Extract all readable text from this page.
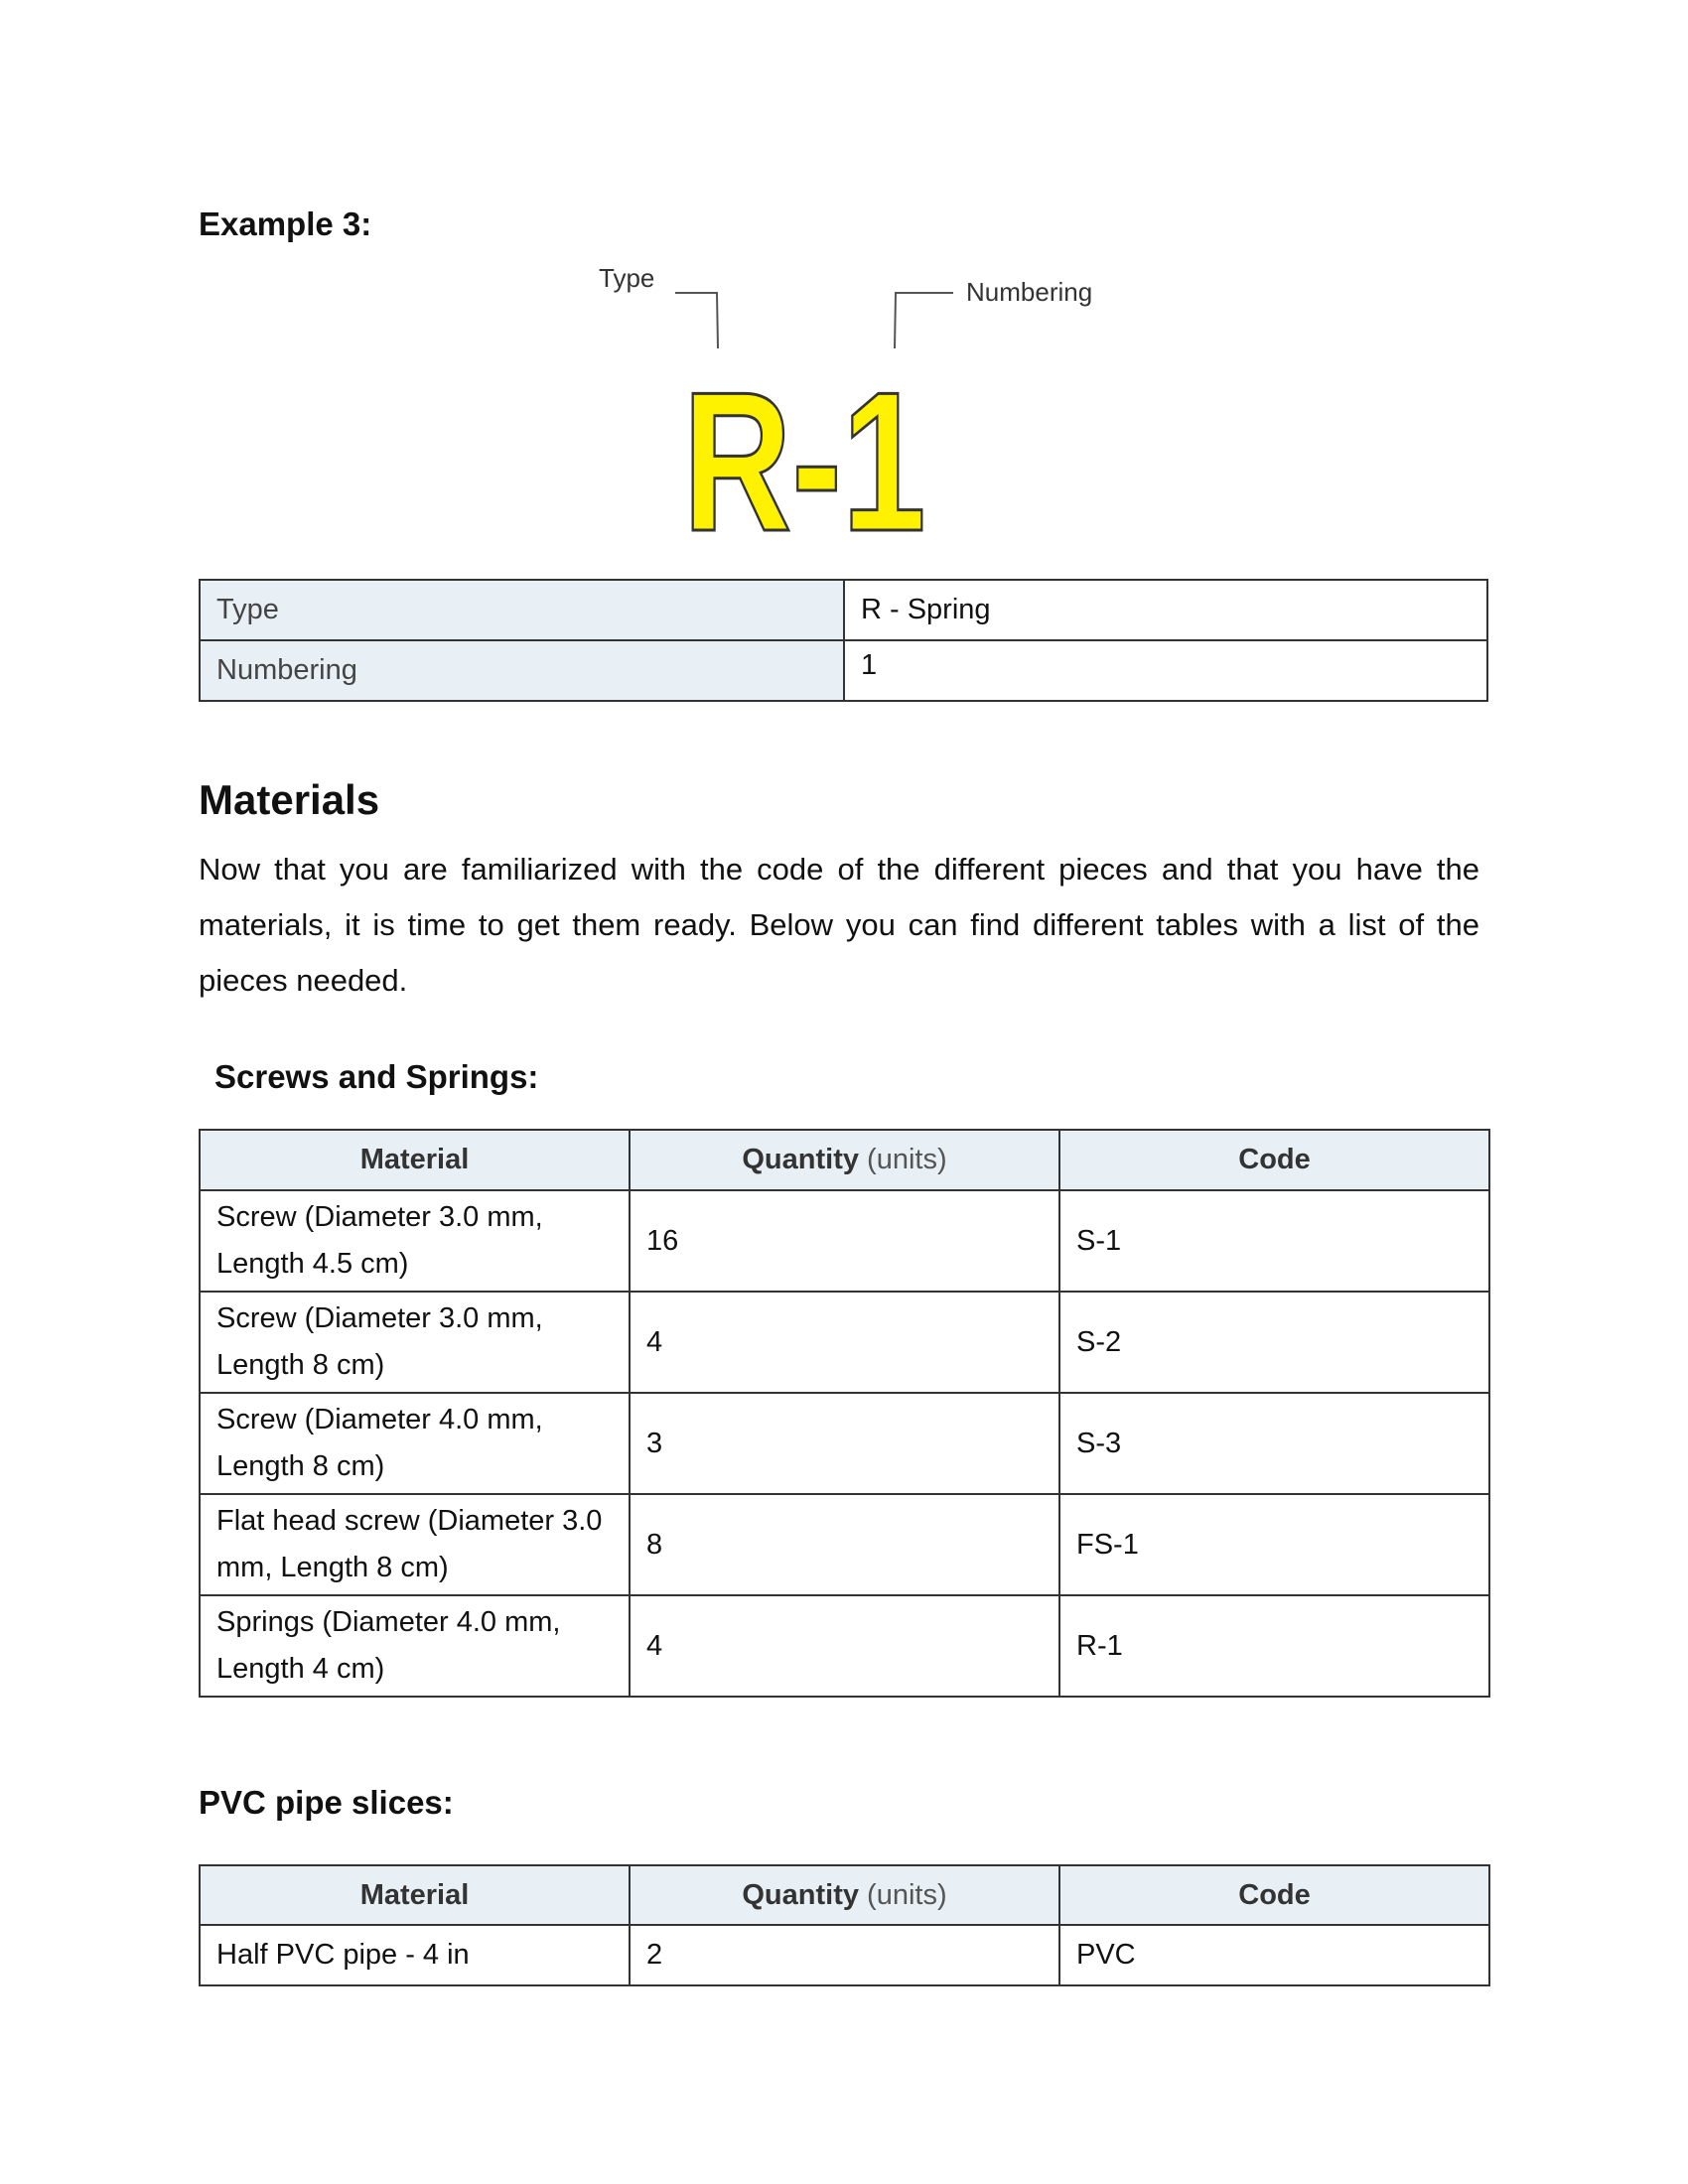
Example 3:
Type	Numbering
R-1
Type	R - Spring
Numbering	1
Materials
Now that you are familiarized with the code of the different pieces and that you have the materials, it is time to get them ready. Below you can find different tables with a list of the pieces needed.
Screws and Springs:
Material	Quantity (units)	Code
Screw (Diameter 3.0 mm, Length 4.5 cm)	16	S-1
Screw (Diameter 3.0 mm, Length 8 cm)	4	S-2
Screw (Diameter 4.0 mm, Length 8 cm)	3	S-3
Flat head screw (Diameter 3.0 mm, Length 8 cm)	8	FS-1
Springs (Diameter 4.0 mm, Length 4 cm)	4	R-1
PVC pipe slices:
Material	Quantity (units)	Code
Half PVC pipe - 4 in	2	PVC
